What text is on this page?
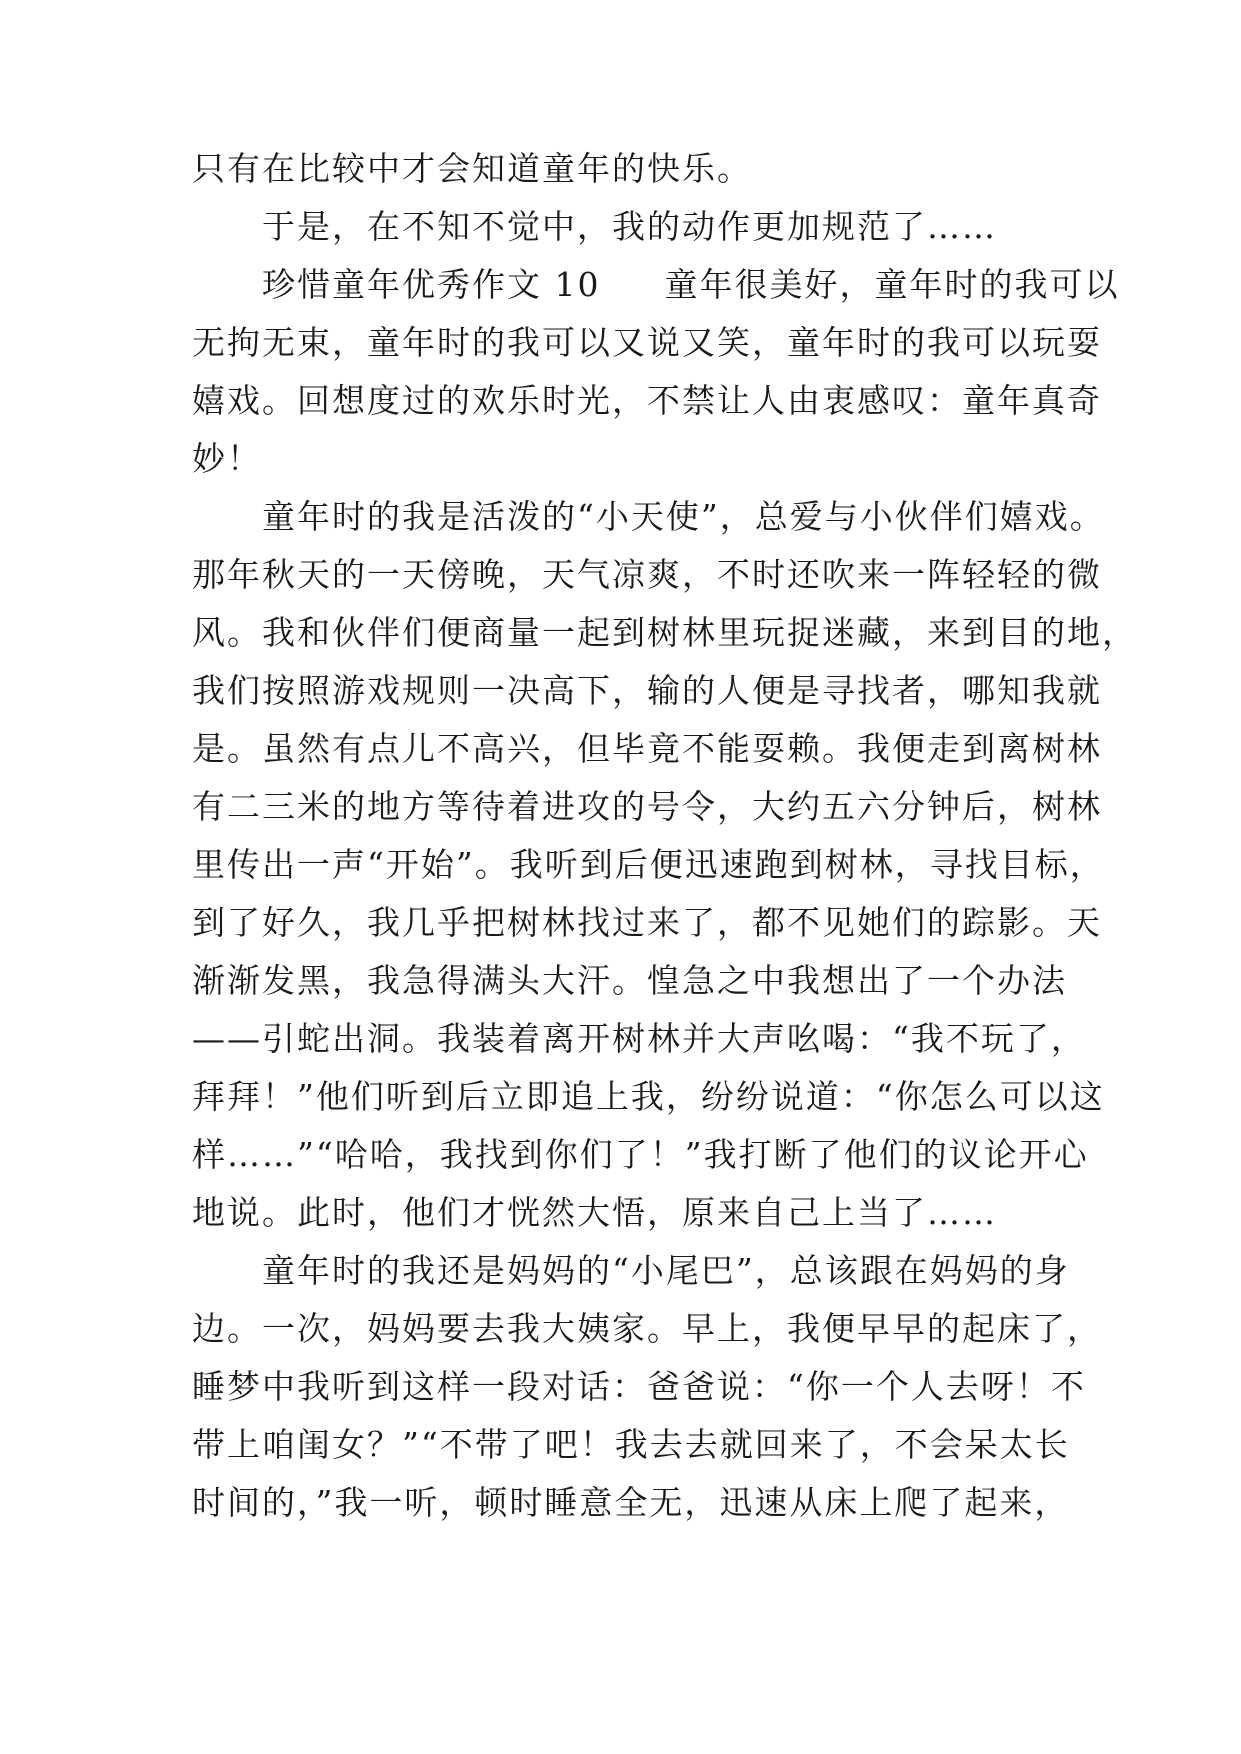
只有在比较中才会知道童年的快乐。
于是，在不知不觉中，我的动作更加规范了……
珍惜童年优秀作文 10 童年很美好，童年时的我可以
无拘无束，童年时的我可以又说又笑，童年时的我可以玩耍
嬉戏。回想度过的欢乐时光，不禁让人由衷感叹：童年真奇
妙！
童年时的我是活泼的“小天使”，总爱与小伙伴们嬉戏。
那年秋天的一天傍晚，天气凉爽，不时还吹来一阵轻轻的微
风。我和伙伴们便商量一起到树林里玩捉迷藏，来到目的地，
我们按照游戏规则一决高下，输的人便是寻找者，哪知我就
是。虽然有点儿不高兴，但毕竟不能耍赖。我便走到离树林
有二三米的地方等待着进攻的号令，大约五六分钟后，树林
里传出一声“开始”。我听到后便迅速跑到树林，寻找目标，
到了好久，我几乎把树林找过来了，都不见她们的踪影。天
渐渐发黑，我急得满头大汗。惶急之中我想出了一个办法
——引蛇出洞。我装着离开树林并大声吆喝：“我不玩了，
拜拜！”他们听到后立即追上我，纷纷说道：“你怎么可以这
样……”“哈哈，我找到你们了！”我打断了他们的议论开心
地说。此时，他们才恍然大悟，原来自己上当了……
童年时的我还是妈妈的“小尾巴”，总该跟在妈妈的身
边。一次，妈妈要去我大姨家。早上，我便早早的起床了，
睡梦中我听到这样一段对话：爸爸说：“你一个人去呀！不
带上咱闺女？”“不带了吧！我去去就回来了，不会呆太长
时间的，”我一听，顿时睡意全无，迅速从床上爬了起来，
